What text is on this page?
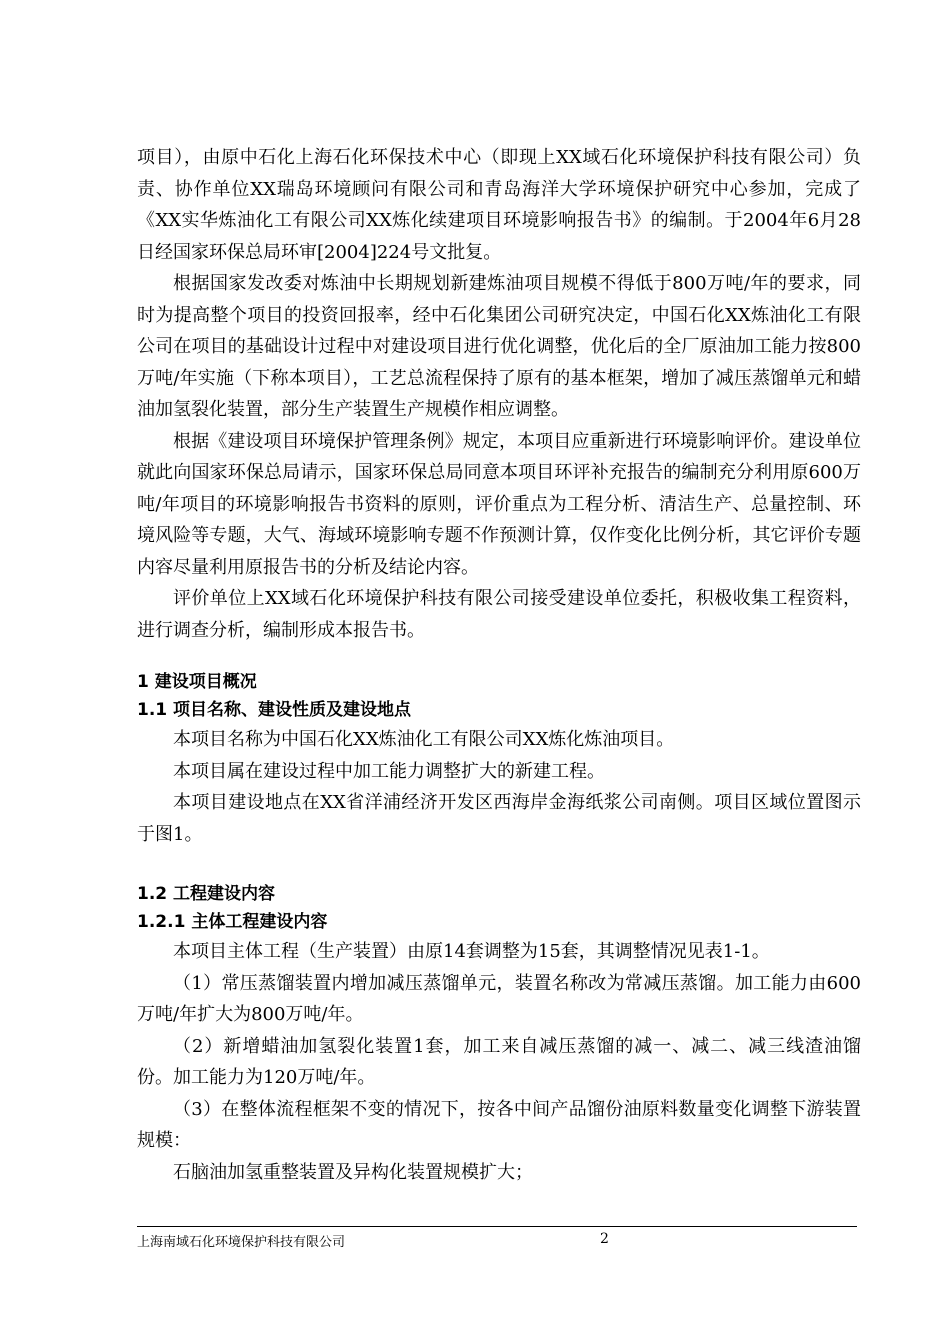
项目），由原中石化上海石化环保技术中心（即现上XX域石化环境保护科技有限公司）负责、协作单位XX瑞岛环境顾问有限公司和青岛海洋大学环境保护研究中心参加，完成了《XX实华炼油化工有限公司XX炼化续建项目环境影响报告书》的编制。于2004年6月28日经国家环保总局环审[2004]224号文批复。

根据国家发改委对炼油中长期规划新建炼油项目规模不得低于800万吨/年的要求，同时为提高整个项目的投资回报率，经中石化集团公司研究决定，中国石化XX炼油化工有限公司在项目的基础设计过程中对建设项目进行优化调整，优化后的全厂原油加工能力按800万吨/年实施（下称本项目），工艺总流程保持了原有的基本框架，增加了减压蒸馏单元和蜡油加氢裂化装置，部分生产装置生产规模作相应调整。

根据《建设项目环境保护管理条例》规定，本项目应重新进行环境影响评价。建设单位就此向国家环保总局请示，国家环保总局同意本项目环评补充报告的编制充分利用原600万吨/年项目的环境影响报告书资料的原则，评价重点为工程分析、清洁生产、总量控制、环境风险等专题，大气、海域环境影响专题不作预测计算，仅作变化比例分析，其它评价专题内容尽量利用原报告书的分析及结论内容。

评价单位上XX域石化环境保护科技有限公司接受建设单位委托，积极收集工程资料，进行调查分析，编制形成本报告书。

1 建设项目概况
1.1 项目名称、建设性质及建设地点

本项目名称为中国石化XX炼油化工有限公司XX炼化炼油项目。

本项目属在建设过程中加工能力调整扩大的新建工程。

本项目建设地点在XX省洋浦经济开发区西海岸金海纸浆公司南侧。项目区域位置图示于图1。

1.2 工程建设内容
1.2.1 主体工程建设内容

本项目主体工程（生产装置）由原14套调整为15套，其调整情况见表1-1。

（1）常压蒸馏装置内增加减压蒸馏单元，装置名称改为常减压蒸馏。加工能力由600万吨/年扩大为800万吨/年。

（2）新增蜡油加氢裂化装置1套，加工来自减压蒸馏的减一、减二、减三线渣油馏份。加工能力为120万吨/年。

（3）在整体流程框架不变的情况下，按各中间产品馏份油原料数量变化调整下游装置规模：

石脑油加氢重整装置及异构化装置规模扩大；

上海南域石化环境保护科技有限公司	2
